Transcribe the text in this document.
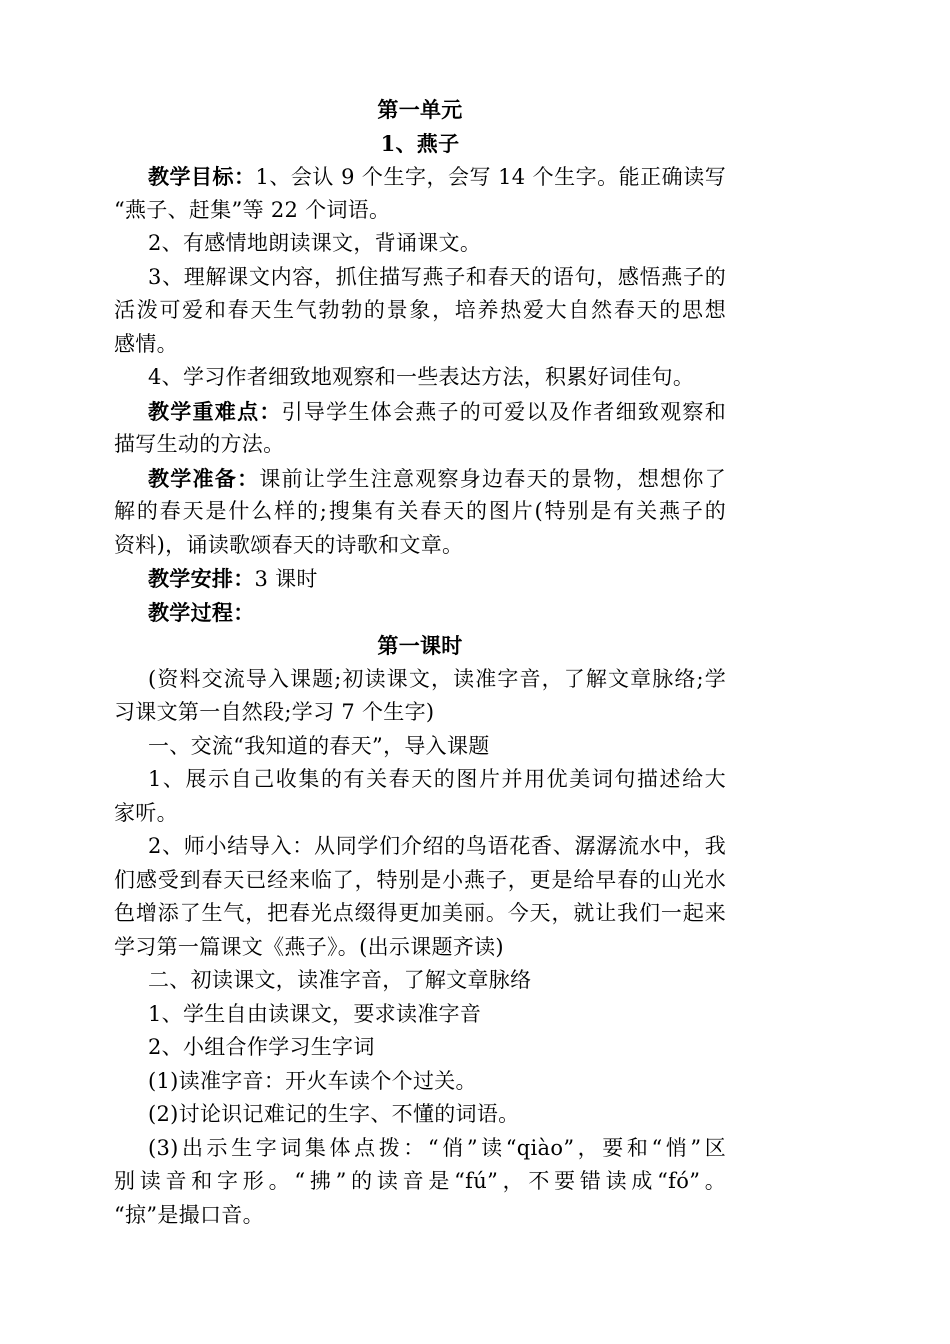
第一单元
1、燕子
教学目标：1、会认 9 个生字，会写 14 个生字。能正确读写
“燕子、赶集”等 22 个词语。
2、有感情地朗读课文，背诵课文。
3、理解课文内容，抓住描写燕子和春天的语句，感悟燕子的
活泼可爱和春天生气勃勃的景象，培养热爱大自然春天的思想
感情。
4、学习作者细致地观察和一些表达方法，积累好词佳句。
教学重难点：引导学生体会燕子的可爱以及作者细致观察和
描写生动的方法。
教学准备：课前让学生注意观察身边春天的景物，想想你了
解的春天是什么样的;搜集有关春天的图片(特别是有关燕子的
资料)，诵读歌颂春天的诗歌和文章。
教学安排：3 课时
教学过程：
第一课时
(资料交流导入课题;初读课文，读准字音，了解文章脉络;学
习课文第一自然段;学习 7 个生字)
一、交流“我知道的春天”，导入课题
1、展示自己收集的有关春天的图片并用优美词句描述给大
家听。
2、师小结导入：从同学们介绍的鸟语花香、潺潺流水中，我
们感受到春天已经来临了，特别是小燕子，更是给早春的山光水
色增添了生气，把春光点缀得更加美丽。今天，就让我们一起来
学习第一篇课文《燕子》。(出示课题齐读)
二、初读课文，读准字音，了解文章脉络
1、学生自由读课文，要求读准字音
2、小组合作学习生字词
(1)读准字音：开火车读个个过关。
(2)讨论识记难记的生字、不懂的词语。
(3)出示生字词集体点拨：“俏”读“qiào”，要和“悄”区
别读音和字形。“拂”的读音是“fú”，不要错读成“fó”。
“掠”是撮口音。
